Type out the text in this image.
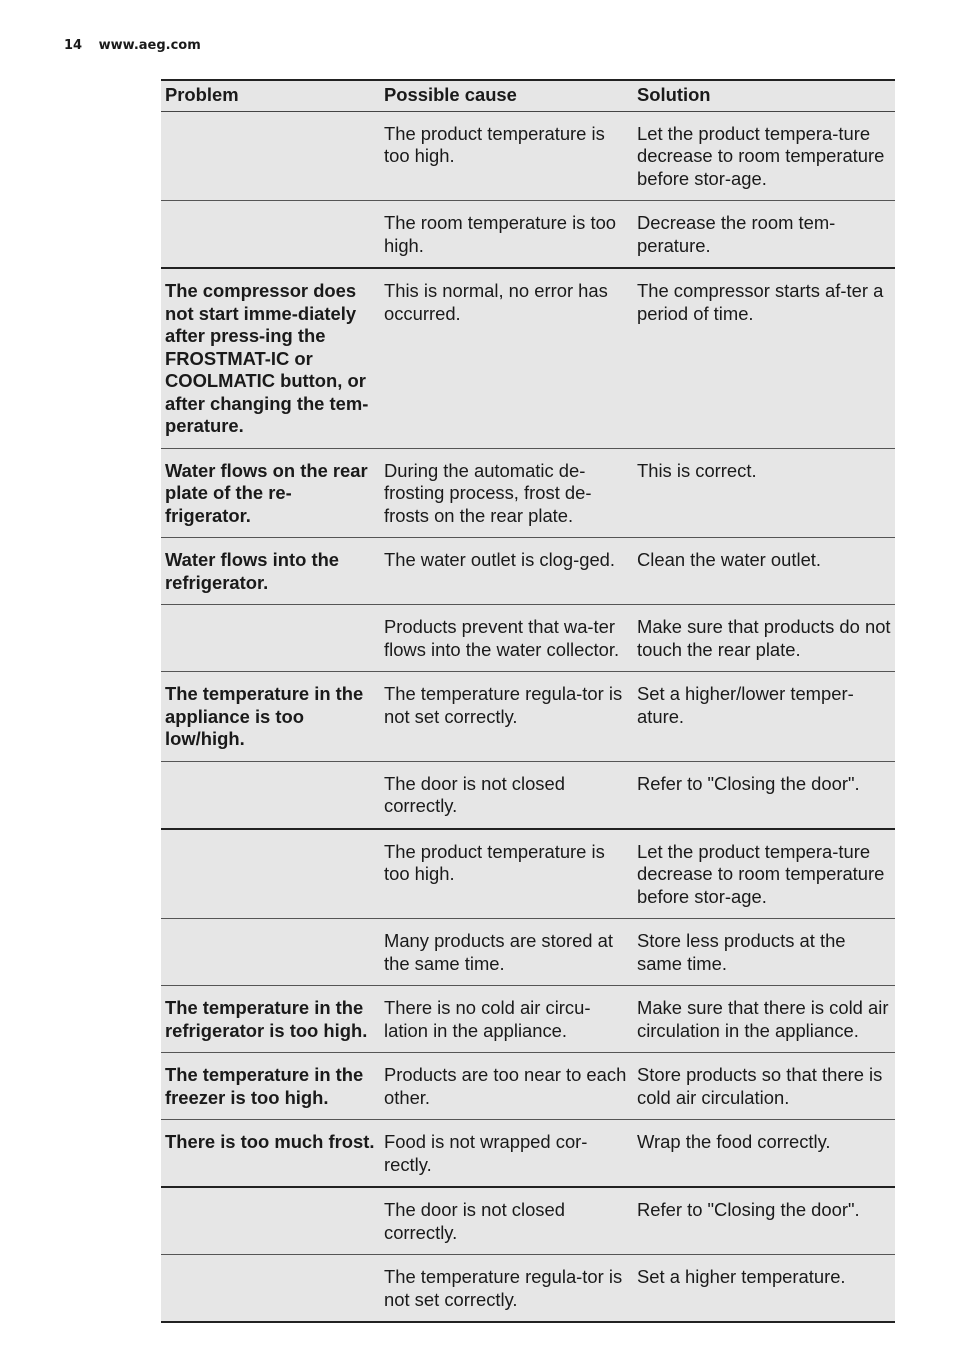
14 www.aeg.com
Problem	Possible cause	Solution
	The product temperature is too high.	Let the product tempera-ture decrease to room temperature before stor-age.
	The room temperature is too high.	Decrease the room tem-perature.
The compressor does not start imme-diately after press-ing the FROSTMAT-IC or COOLMATIC button, or after changing the tem-perature.	This is normal, no error has occurred.	The compressor starts af-ter a period of time.
Water flows on the rear plate of the re-frigerator.	During the automatic de-frosting process, frost de-frosts on the rear plate.	This is correct.
Water flows into the refrigerator.	The water outlet is clog-ged.	Clean the water outlet.
	Products prevent that wa-ter flows into the water collector.	Make sure that products do not touch the rear plate.
The temperature in the appliance is too low/high.	The temperature regula-tor is not set correctly.	Set a higher/lower temper-ature.
	The door is not closed correctly.	Refer to "Closing the door".
	The product temperature is too high.	Let the product tempera-ture decrease to room temperature before stor-age.
	Many products are stored at the same time.	Store less products at the same time.
The temperature in the refrigerator is too high.	There is no cold air circu-lation in the appliance.	Make sure that there is cold air circulation in the appliance.
The temperature in the freezer is too high.	Products are too near to each other.	Store products so that there is cold air circulation.
There is too much frost.	Food is not wrapped cor-rectly.	Wrap the food correctly.
	The door is not closed correctly.	Refer to "Closing the door".
	The temperature regula-tor is not set correctly.	Set a higher temperature.
